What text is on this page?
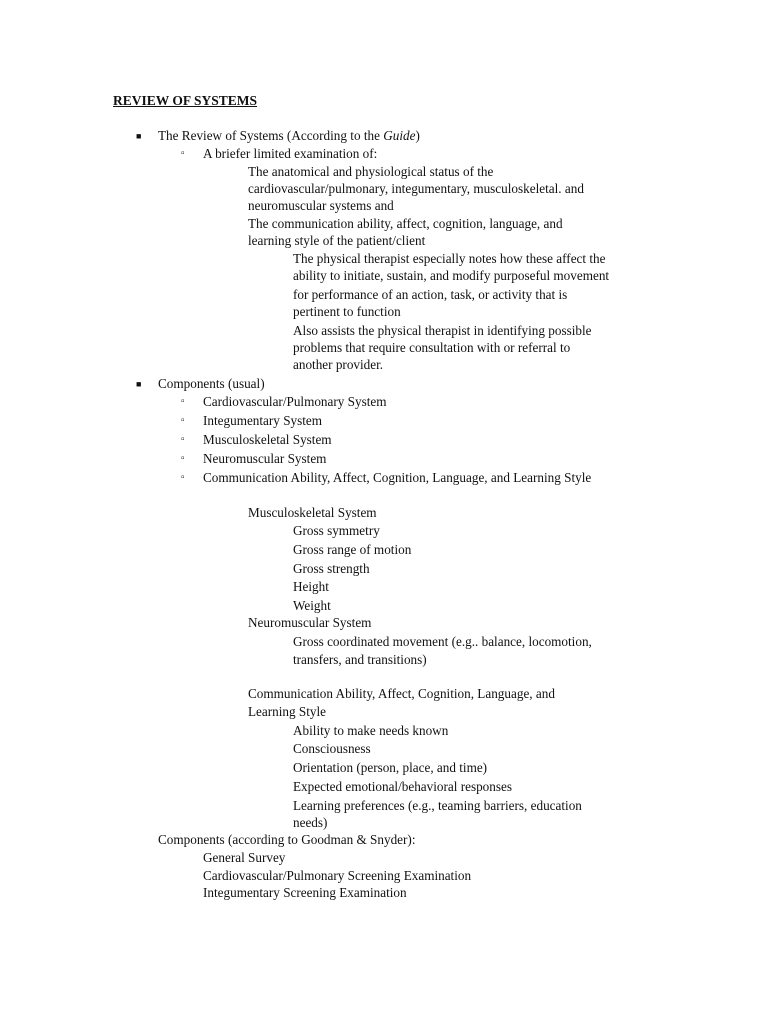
REVIEW OF SYSTEMS
■ The Review of Systems (According to the Guide)
▫ A briefer limited examination of:
The anatomical and physiological status of the
cardiovascular/pulmonary, integumentary, musculoskeletal. and
neuromuscular systems and
The communication ability, affect, cognition, language, and
learning style of the patient/client
The physical therapist especially notes how these affect the
ability to initiate, sustain, and modify purposeful movement
for performance of an action, task, or activity that is
pertinent to function
Also assists the physical therapist in identifying possible
problems that require consultation with or referral to
another provider.
■ Components (usual)
▫ Cardiovascular/Pulmonary System
▫ Integumentary System
▫ Musculoskeletal System
▫ Neuromuscular System
▫ Communication Ability, Affect, Cognition, Language, and Learning Style
Musculoskeletal System
Gross symmetry
Gross range of motion
Gross strength
Height
Weight
Neuromuscular System
Gross coordinated movement (e.g.. balance, locomotion,
transfers, and transitions)
Communication Ability, Affect, Cognition, Language, and
Learning Style
Ability to make needs known
Consciousness
Orientation (person, place, and time)
Expected emotional/behavioral responses
Learning preferences (e.g., teaming barriers, education
needs)
Components (according to Goodman & Snyder):
General Survey
Cardiovascular/Pulmonary Screening Examination
Integumentary Screening Examination
